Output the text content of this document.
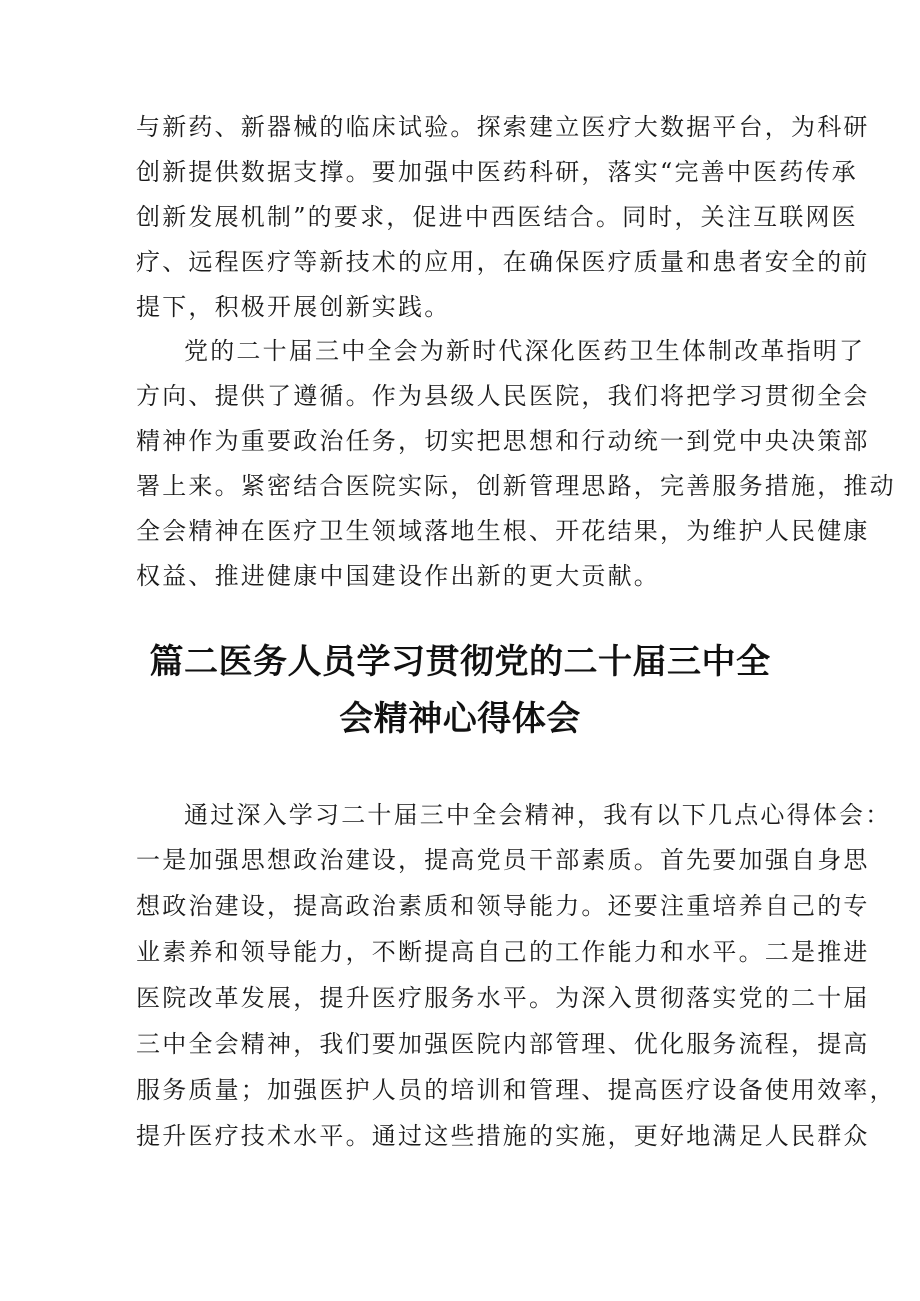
与新药、新器械的临床试验。探索建立医疗大数据平台，为科研

创新提供数据支撑。要加强中医药科研，落实“完善中医药传承

创新发展机制”的要求，促进中西医结合。同时，关注互联网医

疗、远程医疗等新技术的应用，在确保医疗质量和患者安全的前

提下，积极开展创新实践。

党的二十届三中全会为新时代深化医药卫生体制改革指明了

方向、提供了遵循。作为县级人民医院，我们将把学习贯彻全会

精神作为重要政治任务，切实把思想和行动统一到党中央决策部

署上来。紧密结合医院实际，创新管理思路，完善服务措施，推动

全会精神在医疗卫生领域落地生根、开花结果，为维护人民健康

权益、推进健康中国建设作出新的更大贡献。

篇二医务人员学习贯彻党的二十届三中全
会精神心得体会

通过深入学习二十届三中全会精神，我有以下几点心得体会：

一是加强思想政治建设，提高党员干部素质。首先要加强自身思

想政治建设，提高政治素质和领导能力。还要注重培养自己的专

业素养和领导能力，不断提高自己的工作能力和水平。二是推进

医院改革发展，提升医疗服务水平。为深入贯彻落实党的二十届

三中全会精神，我们要加强医院内部管理、优化服务流程，提高

服务质量；加强医护人员的培训和管理、提高医疗设备使用效率，

提升医疗技术水平。通过这些措施的实施，更好地满足人民群众
